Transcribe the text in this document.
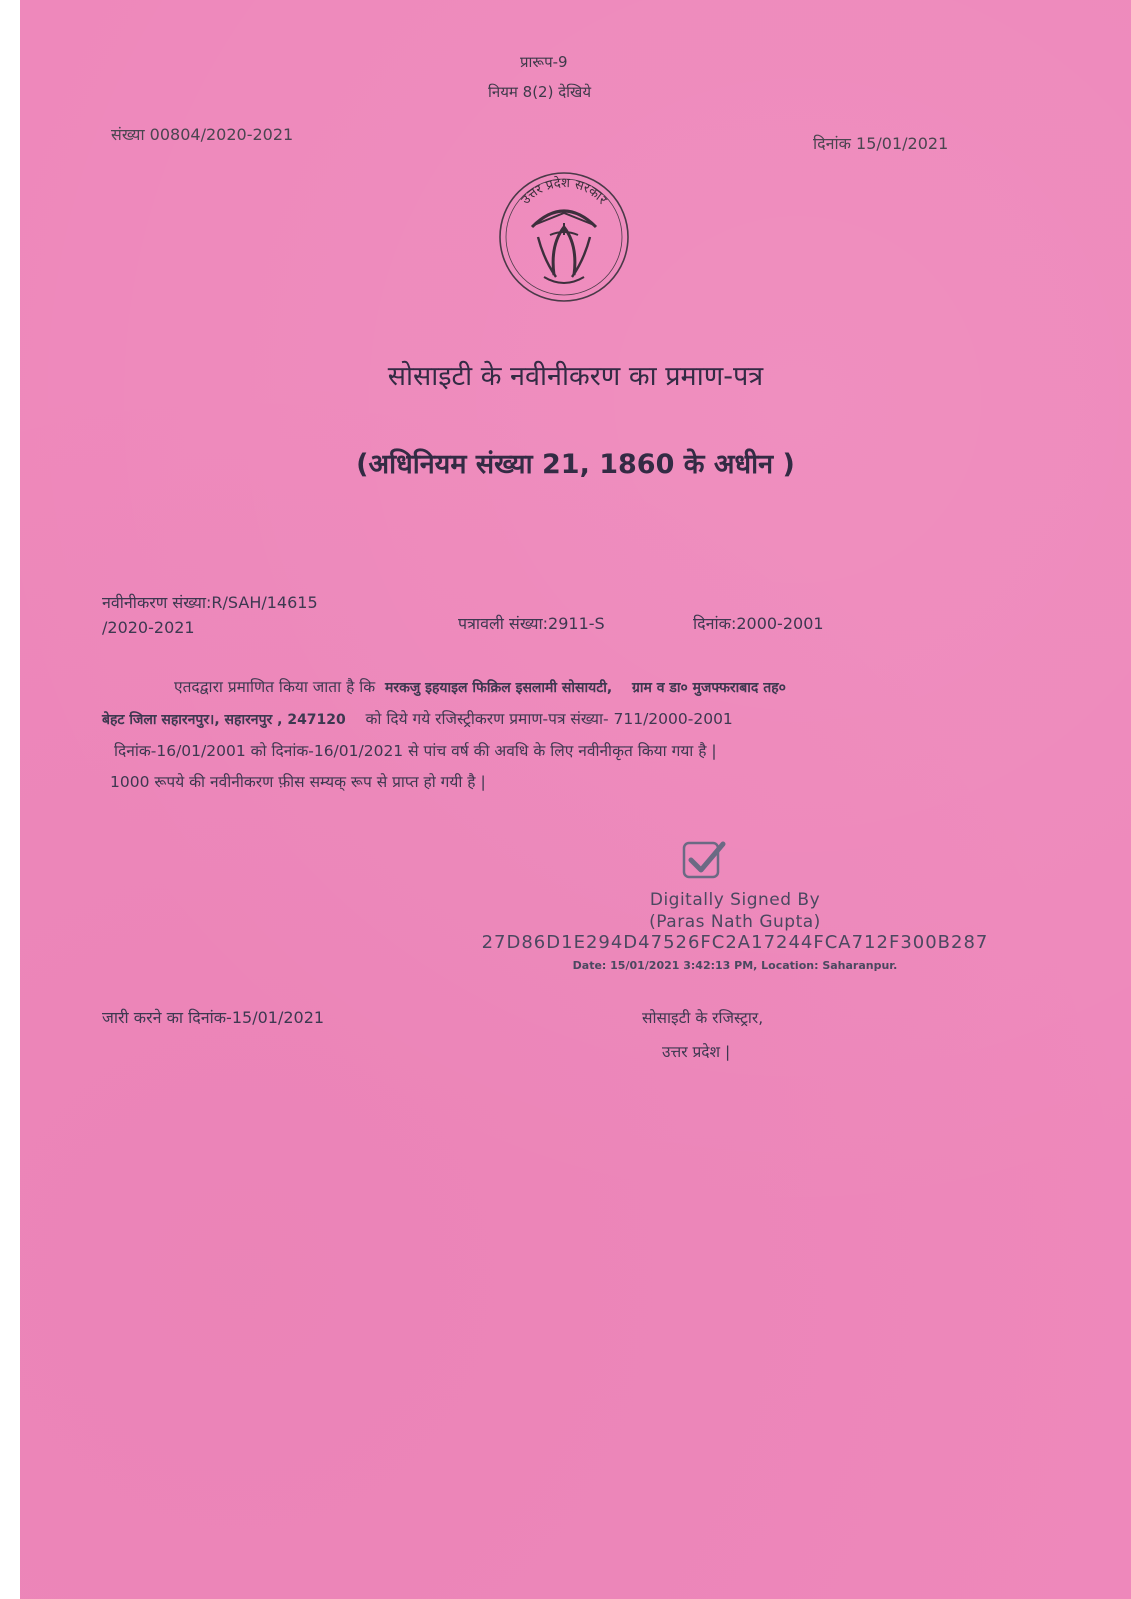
प्रारूप-9
नियम 8(2) देखिये
संख्या 00804/2020-2021	दिनांक 15/01/2021
उत्तर प्रदेश सरकार
सोसाइटी के नवीनीकरण का प्रमाण-पत्र
(अधिनियम संख्या 21, 1860 के अधीन )
नवीनीकरण संख्या:R/SAH/14615
/2020-2021	पत्रावली संख्या:2911-S	दिनांक:2000-2001
एतदद्वारा प्रमाणित किया जाता है कि मरकजु इहयाइल फिक्रिल इसलामी सोसायटी, ग्राम व डा० मुजफ्फराबाद तह०
बेहट जिला सहारनपुर।, सहारनपुर , 247120 को दिये गये रजिस्ट्रीकरण प्रमाण-पत्र संख्या- 711/2000-2001
दिनांक-16/01/2001 को दिनांक-16/01/2021 से पांच वर्ष की अवधि के लिए नवीनीकृत किया गया है |
1000 रूपये की नवीनीकरण फ़ीस सम्यक् रूप से प्राप्त हो गयी है |
Digitally Signed By
(Paras Nath Gupta)
27D86D1E294D47526FC2A17244FCA712F300B287
Date: 15/01/2021 3:42:13 PM, Location: Saharanpur.
जारी करने का दिनांक-15/01/2021	सोसाइटी के रजिस्ट्रार,
उत्तर प्रदेश |
